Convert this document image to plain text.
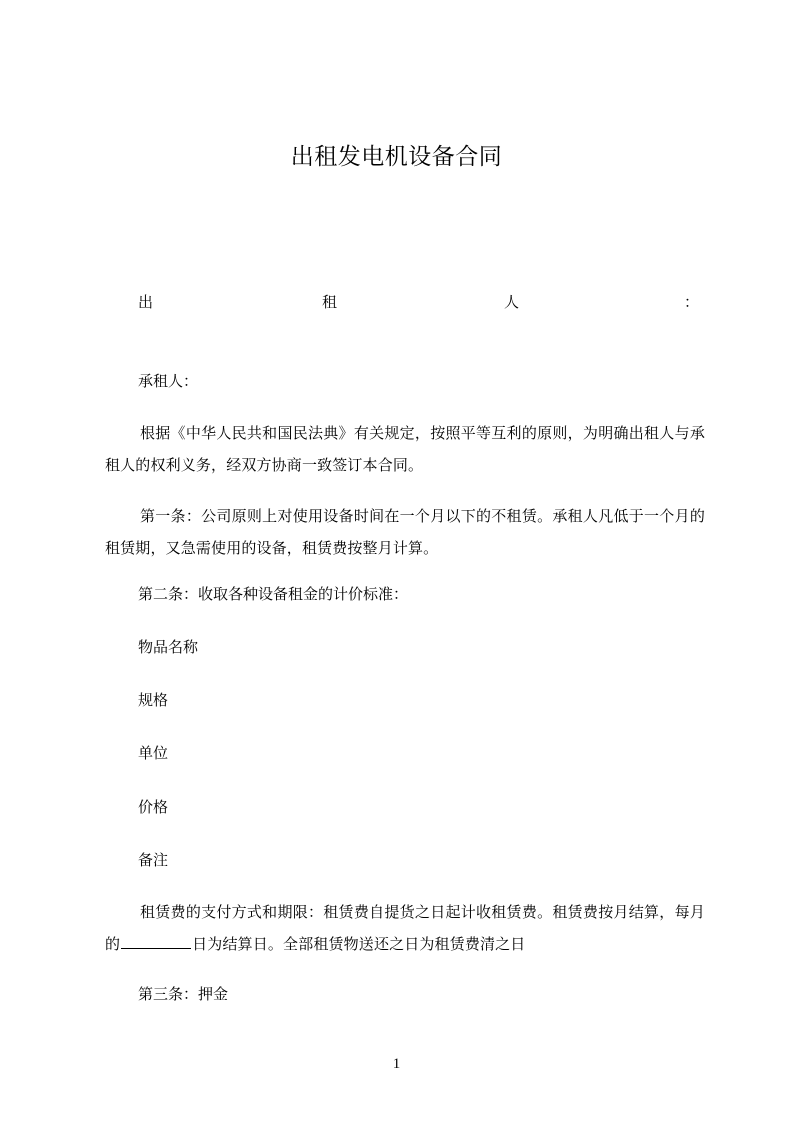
出租发电机设备合同
出	租	人	：
承租人：
根据《中华人民共和国民法典》有关规定，按照平等互利的原则，为明确出租人与承租人的权利义务，经双方协商一致签订本合同。
第一条：公司原则上对使用设备时间在一个月以下的不租赁。承租人凡低于一个月的租赁期，又急需使用的设备，租赁费按整月计算。
第二条：收取各种设备租金的计价标准：
物品名称
规格
单位
价格
备注
租赁费的支付方式和期限：租赁费自提货之日起计收租赁费。租赁费按月结算，每月的	日为结算日。全部租赁物送还之日为租赁费清之日
第三条：押金
1
